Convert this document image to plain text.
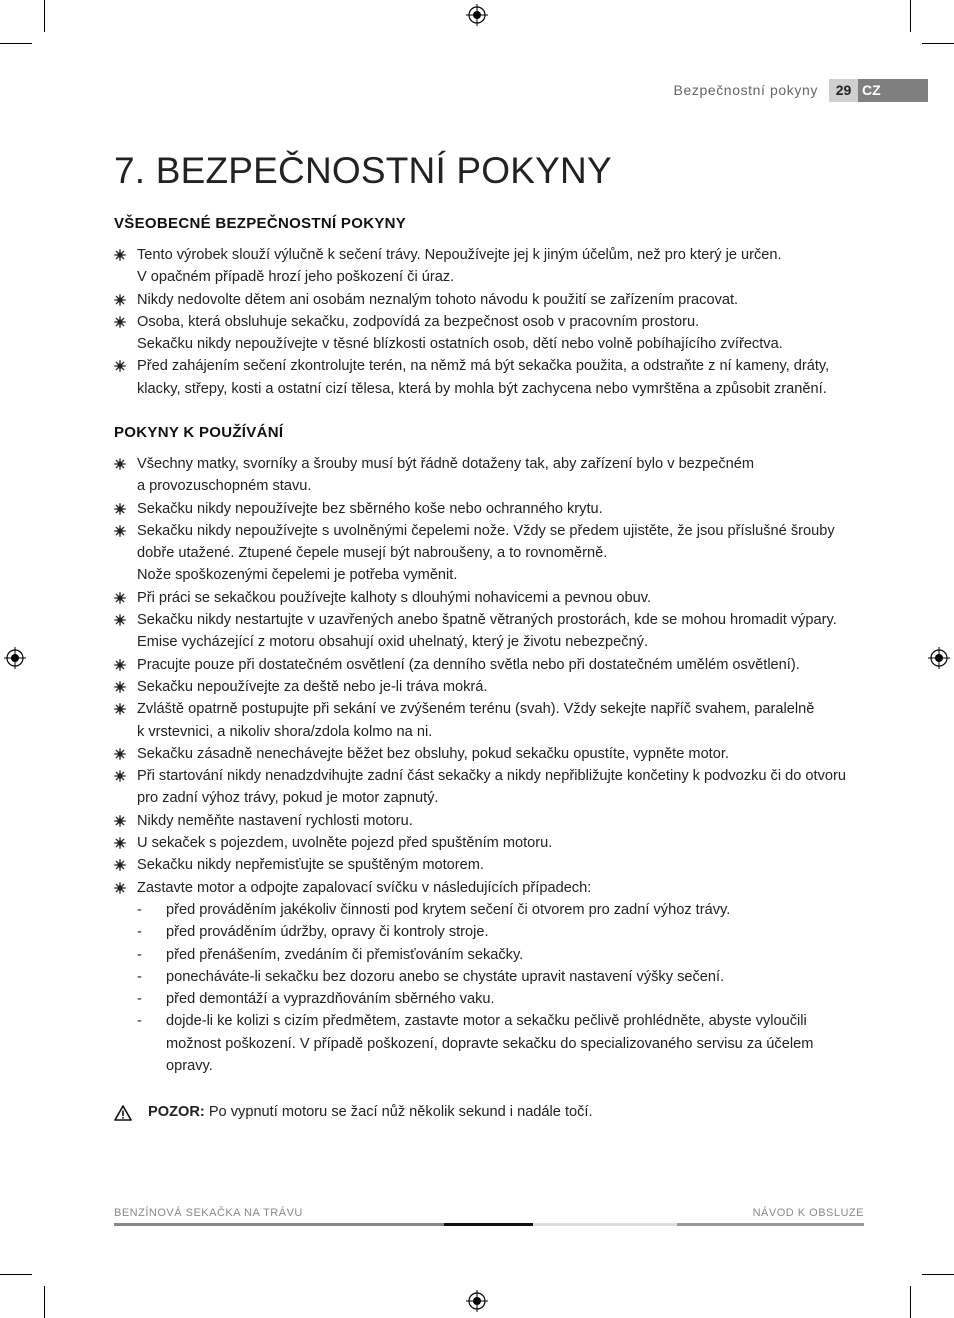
Bezpečnostní pokyny	29 CZ
7. BEZPEČNOSTNÍ POKYNY
VŠEOBECNÉ BEZPEČNOSTNÍ POKYNY
Tento výrobek slouží výlučně k sečení trávy. Nepoužívejte jej k jiným účelům, než pro který je určen.
V opačném případě hrozí jeho poškození či úraz.
Nikdy nedovolte dětem ani osobám neznalým tohoto návodu k použití se zařízením pracovat.
Osoba, která obsluhuje sekačku, zodpovídá za bezpečnost osob v pracovním prostoru.
Sekačku nikdy nepoužívejte v těsné blízkosti ostatních osob, dětí nebo volně pobíhajícího zvířectva.
Před zahájením sečení zkontrolujte terén, na němž má být sekačka použita, a odstraňte z ní kameny, dráty,
klacky, střepy, kosti a ostatní cizí tělesa, která by mohla být zachycena nebo vymrštěna a způsobit zranění.
POKYNY K POUŽÍVÁNÍ
Všechny matky, svorníky a šrouby musí být řádně dotaženy tak, aby zařízení bylo v bezpečném
a provozuschopném stavu.
Sekačku nikdy nepoužívejte bez sběrného koše nebo ochranného krytu.
Sekačku nikdy nepoužívejte s uvolněnými čepelemi nože. Vždy se předem ujistěte, že jsou příslušné šrouby
dobře utažené. Ztupené čepele musejí být nabroušeny, a to rovnoměrně.
Nože spoškozenými čepelemi je potřeba vyměnit.
Při práci se sekačkou používejte kalhoty s dlouhými nohavicemi a pevnou obuv.
Sekačku nikdy nestartujte v uzavřených anebo špatně větraných prostorách, kde se mohou hromadit výpary.
Emise vycházející z motoru obsahují oxid uhelnatý, který je životu nebezpečný.
Pracujte pouze při dostatečném osvětlení (za denního světla nebo při dostatečném umělém osvětlení).
Sekačku nepoužívejte za deště nebo je-li tráva mokrá.
Zvláště opatrně postupujte při sekání ve zvýšeném terénu (svah). Vždy sekejte napříč svahem, paralelně
k vrstevnici, a nikoliv shora/zdola kolmo na ni.
Sekačku zásadně nenechávejte běžet bez obsluhy, pokud sekačku opustíte, vypněte motor.
Při startování nikdy nenadzdvihujte zadní část sekačky a nikdy nepřibližujte končetiny k podvozku či do otvoru
pro zadní výhoz trávy, pokud je motor zapnutý.
Nikdy neměňte nastavení rychlosti motoru.
U sekaček s pojezdem, uvolněte pojezd před spuštěním motoru.
Sekačku nikdy nepřemisťujte se spuštěným motorem.
Zastavte motor a odpojte zapalovací svíčku v následujících případech:
- před prováděním jakékoliv činnosti pod krytem sečení či otvorem pro zadní výhoz trávy.
- před prováděním údržby, opravy či kontroly stroje.
- před přenášením, zvedáním či přemisťováním sekačky.
- ponecháváte-li sekačku bez dozoru anebo se chystáte upravit nastavení výšky sečení.
- před demontáží a vyprazdňováním sběrného vaku.
- dojde-li ke kolizi s cizím předmětem, zastavte motor a sekačku pečlivě prohlédněte, abyste vyloučili
možnost poškození. V případě poškození, dopravte sekačku do specializovaného servisu za účelem
opravy.
POZOR: Po vypnutí motoru se žací nůž několik sekund i nadále točí.
BENZÍNOVÁ SEKAČKA NA TRÁVU	NÁVOD K OBSLUZE
